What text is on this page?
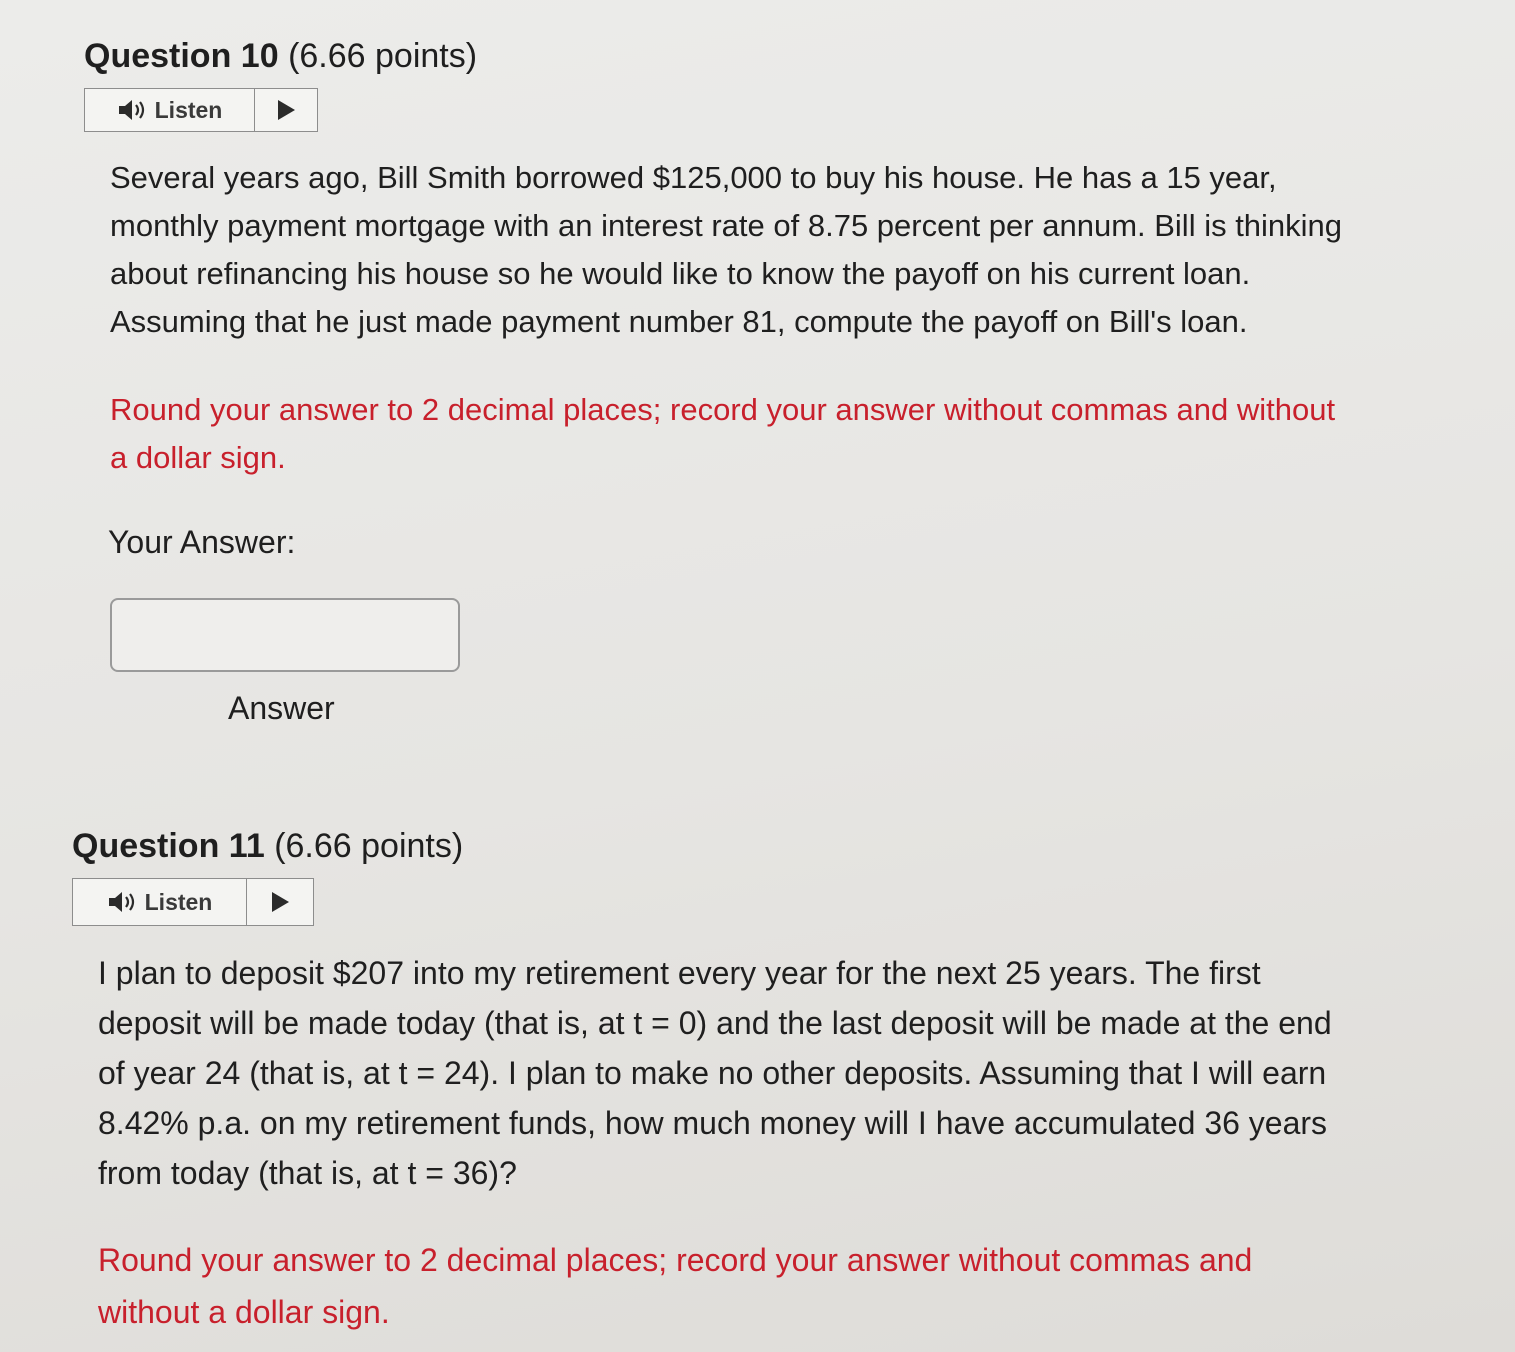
Question 10 (6.66 points)
Listen

Several years ago, Bill Smith borrowed $125,000 to buy his house. He has a 15 year, monthly payment mortgage with an interest rate of 8.75 percent per annum. Bill is thinking about refinancing his house so he would like to know the payoff on his current loan. Assuming that he just made payment number 81, compute the payoff on Bill's loan.

Round your answer to 2 decimal places; record your answer without commas and without a dollar sign.

Your Answer:
Answer
Question 11 (6.66 points)
Listen

I plan to deposit $207 into my retirement every year for the next 25 years. The first deposit will be made today (that is, at t = 0) and the last deposit will be made at the end of year 24 (that is, at t = 24). I plan to make no other deposits. Assuming that I will earn 8.42% p.a. on my retirement funds, how much money will I have accumulated 36 years from today (that is, at t = 36)?

Round your answer to 2 decimal places; record your answer without commas and without a dollar sign.
